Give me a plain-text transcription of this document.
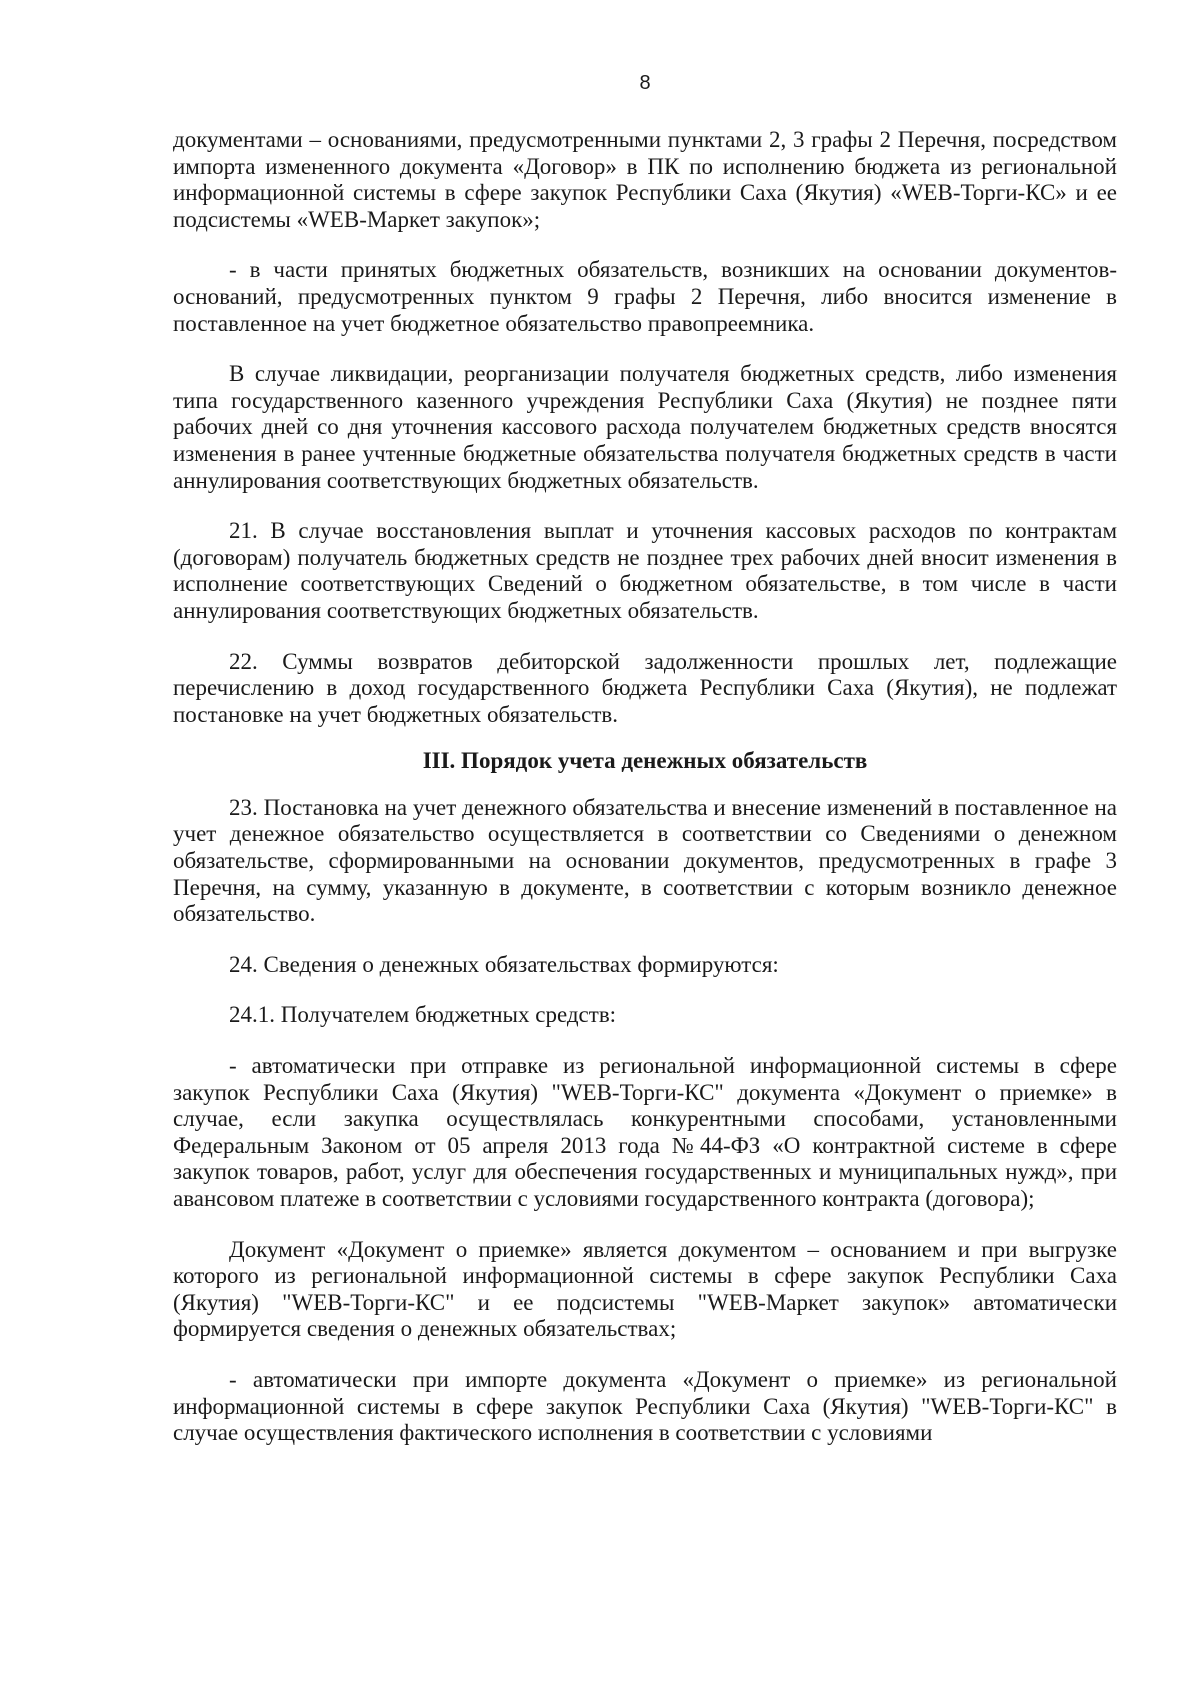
8

документами – основаниями, предусмотренными пунктами 2, 3 графы 2 Перечня, посредством импорта измененного документа «Договор» в ПК по исполнению бюджета из региональной информационной системы в сфере закупок Республики Саха (Якутия) «WEB-Торги-КС» и ее подсистемы «WEB-Маркет закупок»;

- в части принятых бюджетных обязательств, возникших на основании документов-оснований, предусмотренных пунктом 9 графы 2 Перечня, либо вносится изменение в поставленное на учет бюджетное обязательство правопреемника.

В случае ликвидации, реорганизации получателя бюджетных средств, либо изменения типа государственного казенного учреждения Республики Саха (Якутия) не позднее пяти рабочих дней со дня уточнения кассового расхода получателем бюджетных средств вносятся изменения в ранее учтенные бюджетные обязательства получателя бюджетных средств в части аннулирования соответствующих бюджетных обязательств.

21. В случае восстановления выплат и уточнения кассовых расходов по контрактам (договорам) получатель бюджетных средств не позднее трех рабочих дней вносит изменения в исполнение соответствующих Сведений о бюджетном обязательстве, в том числе в части аннулирования соответствующих бюджетных обязательств.

22. Суммы возвратов дебиторской задолженности прошлых лет, подлежащие перечислению в доход государственного бюджета Республики Саха (Якутия), не подлежат постановке на учет бюджетных обязательств.

III. Порядок учета денежных обязательств

23. Постановка на учет денежного обязательства и внесение изменений в поставленное на учет денежное обязательство осуществляется в соответствии со Сведениями о денежном обязательстве, сформированными на основании документов, предусмотренных в графе 3 Перечня, на сумму, указанную в документе, в соответствии с которым возникло денежное обязательство.

24. Сведения о денежных обязательствах формируются:

24.1. Получателем бюджетных средств:

- автоматически при отправке из региональной информационной системы в сфере закупок Республики Саха (Якутия) "WEB-Торги-КС" документа «Документ о приемке» в случае, если закупка осуществлялась конкурентными способами, установленными Федеральным Законом от 05 апреля 2013 года №44-ФЗ «О контрактной системе в сфере закупок товаров, работ, услуг для обеспечения государственных и муниципальных нужд», при авансовом платеже в соответствии с условиями государственного контракта (договора);

Документ «Документ о приемке» является документом – основанием и при выгрузке которого из региональной информационной системы в сфере закупок Республики Саха (Якутия) "WEB-Торги-КС" и ее подсистемы "WEB-Маркет закупок» автоматически формируется сведения о денежных обязательствах;

- автоматически при импорте документа «Документ о приемке» из региональной информационной системы в сфере закупок Республики Саха (Якутия) "WEB-Торги-КС" в случае осуществления фактического исполнения в соответствии с условиями
